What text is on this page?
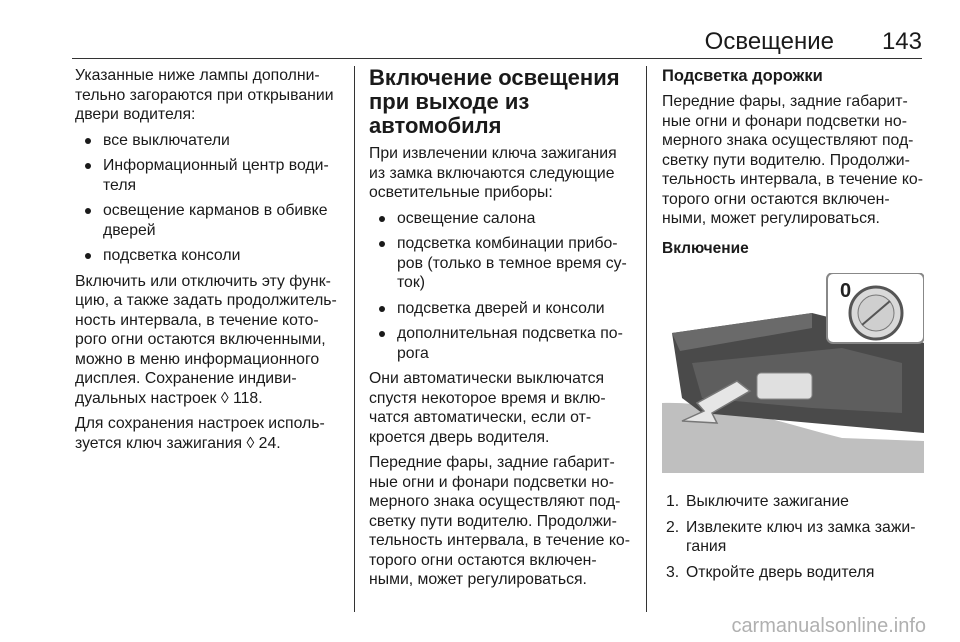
Освещение 143

Указанные ниже лампы дополни-тельно загораются при открывании двери водителя:

все выключатели
Информационный центр води-теля
освещение карманов в обивке дверей
подсветка консоли

Включить или отключить эту функ-цию, а также задать продолжитель-ность интервала, в течение кото-рого огни остаются включенными, можно в меню информационного дисплея. Сохранение индиви-дуальных настроек ◊ 118.

Для сохранения настроек исполь-зуется ключ зажигания ◊ 24.

Включение освещения при выходе из автомобиля

При извлечении ключа зажигания из замка включаются следующие осветительные приборы:

освещение салона
подсветка комбинации прибо-ров (только в темное время су-ток)
подсветка дверей и консоли
дополнительная подсветка по-рога

Они автоматически выключатся спустя некоторое время и вклю-чатся автоматически, если от-кроется дверь водителя.

Передние фары, задние габарит-ные огни и фонари подсветки но-мерного знака осуществляют под-светку пути водителю. Продолжи-тельность интервала, в течение ко-торого огни остаются включен-ными, может регулироваться.

Подсветка дорожки

Передние фары, задние габарит-ные огни и фонари подсветки но-мерного знака осуществляют под-светку пути водителю. Продолжи-тельность интервала, в течение ко-торого огни остаются включен-ными, может регулироваться.

Включение
0
1. Выключите зажигание
2. Извлеките ключ из замка зажи-гания
3. Откройте дверь водителя
carmanualsonline.info
